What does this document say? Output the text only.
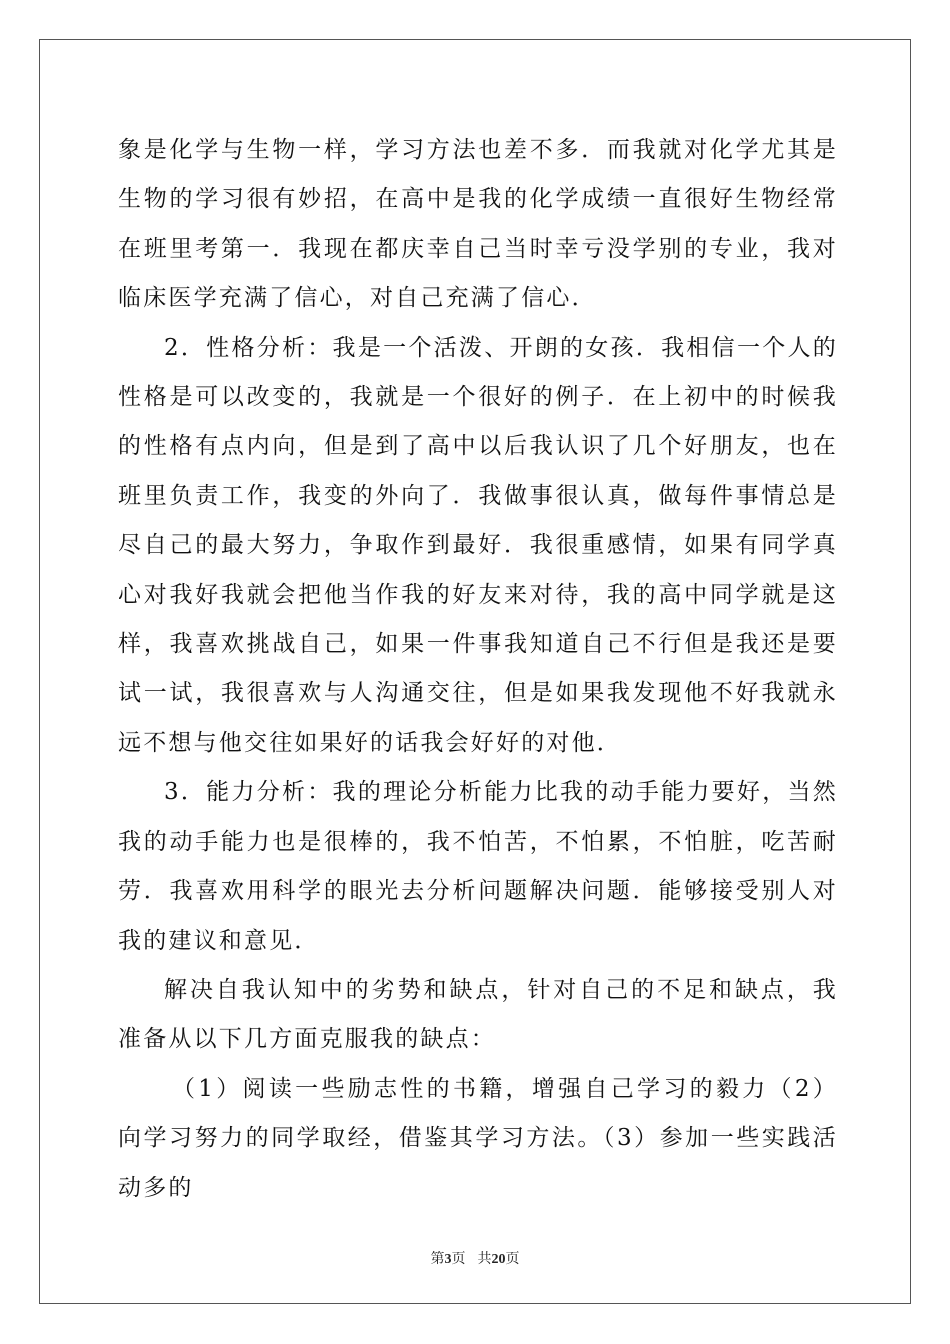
象是化学与生物一样，学习方法也差不多．而我就对化学尤其是生物的学习很有妙招，在高中是我的化学成绩一直很好生物经常在班里考第一．我现在都庆幸自己当时幸亏没学别的专业，我对临床医学充满了信心，对自己充满了信心．

2．性格分析：我是一个活泼、开朗的女孩．我相信一个人的性格是可以改变的，我就是一个很好的例子．在上初中的时候我的性格有点内向，但是到了高中以后我认识了几个好朋友，也在班里负责工作，我变的外向了．我做事很认真，做每件事情总是尽自己的最大努力，争取作到最好．我很重感情，如果有同学真心对我好我就会把他当作我的好友来对待，我的高中同学就是这样，我喜欢挑战自己，如果一件事我知道自己不行但是我还是要试一试，我很喜欢与人沟通交往，但是如果我发现他不好我就永远不想与他交往如果好的话我会好好的对他．

3．能力分析：我的理论分析能力比我的动手能力要好，当然我的动手能力也是很棒的，我不怕苦，不怕累，不怕脏，吃苦耐劳．我喜欢用科学的眼光去分析问题解决问题．能够接受别人对我的建议和意见．

解决自我认知中的劣势和缺点，针对自己的不足和缺点，我准备从以下几方面克服我的缺点：

（1）阅读一些励志性的书籍，增强自己学习的毅力（2） 向学习努力的同学取经，借鉴其学习方法。（3）参加一些实践活动多的

第3页 共20页
